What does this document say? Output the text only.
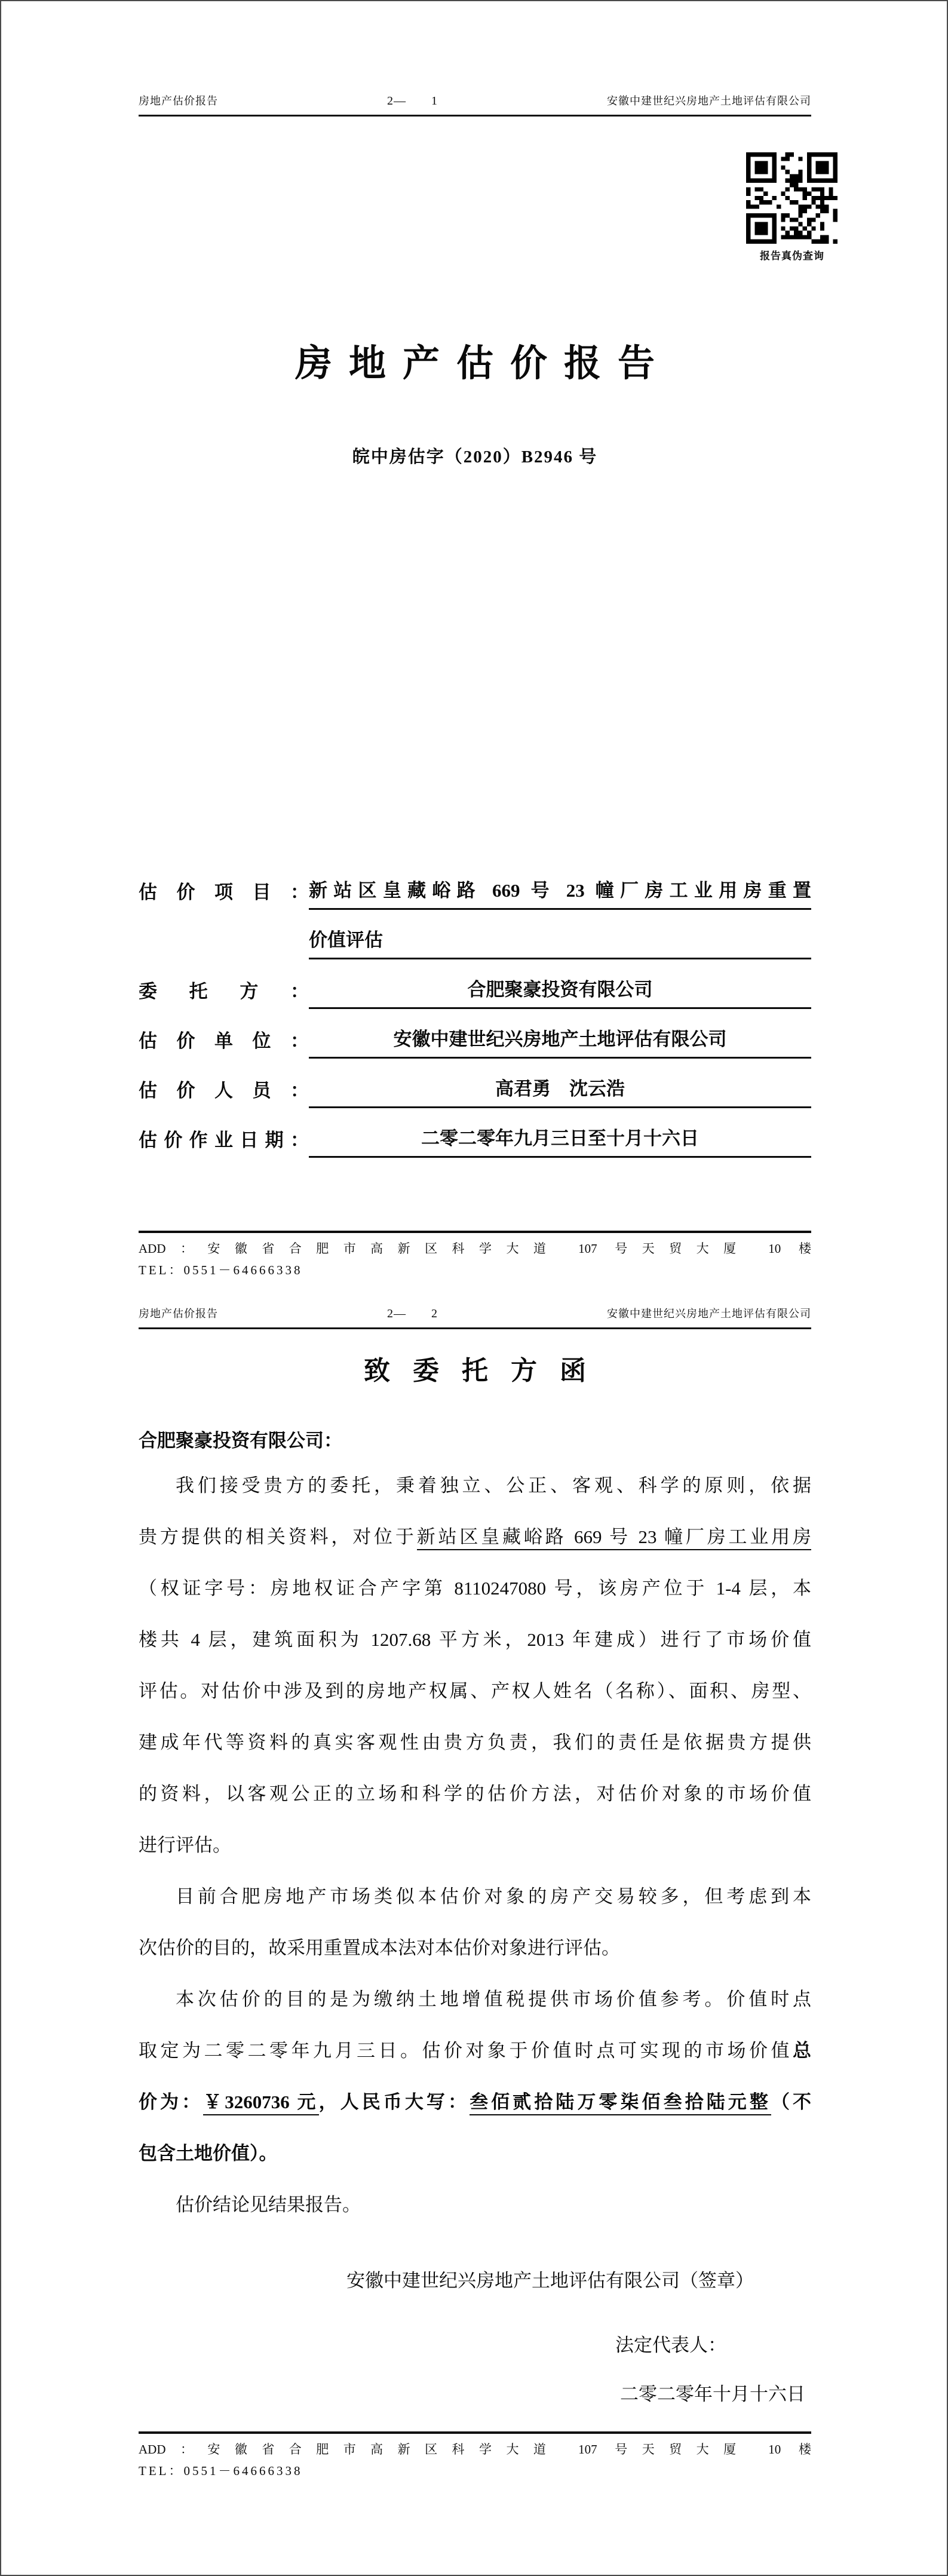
房地产估价报告	2—　　1	安徽中建世纪兴房地产土地评估有限公司
报告真伪查询
房地产估价报告
皖中房估字（2020）B2946 号
估价项目： 新站区皇藏峪路 669 号 23 幢厂房工业用房重置
价值评估
委托方：	合肥聚豪投资有限公司
估价单位：	安徽中建世纪兴房地产土地评估有限公司
估价人员：	高君勇　沈云浩
估价作业日期：	二零二零年九月三日至十月十六日
ADD：安徽省合肥市高新区科学大道 107 号天贸大厦 10 楼
TEL：0551－64666338
房地产估价报告	2—　　2	安徽中建世纪兴房地产土地评估有限公司
致委托方函
合肥聚豪投资有限公司：
我们接受贵方的委托，秉着独立、公正、客观、科学的原则，依据
贵方提供的相关资料，对位于新站区皇藏峪路 669 号 23 幢厂房工业用房
（权证字号：房地权证合产字第 8110247080 号，该房产位于 1-4 层，本
楼共 4 层，建筑面积为 1207.68 平方米，2013 年建成）进行了市场价值
评估。对估价中涉及到的房地产权属、产权人姓名（名称）、面积、房型、
建成年代等资料的真实客观性由贵方负责，我们的责任是依据贵方提供
的资料，以客观公正的立场和科学的估价方法，对估价对象的市场价值
进行评估。
目前合肥房地产市场类似本估价对象的房产交易较多，但考虑到本
次估价的目的，故采用重置成本法对本估价对象进行评估。
本次估价的目的是为缴纳土地增值税提供市场价值参考。价值时点
取定为二零二零年九月三日。估价对象于价值时点可实现的市场价值总
价为：￥3260736 元，人民币大写：叁佰贰拾陆万零柒佰叁拾陆元整（不
包含土地价值）。
估价结论见结果报告。
安徽中建世纪兴房地产土地评估有限公司（签章）
法定代表人：
二零二零年十月十六日
ADD：安徽省合肥市高新区科学大道 107 号天贸大厦 10 楼
TEL：0551－64666338
